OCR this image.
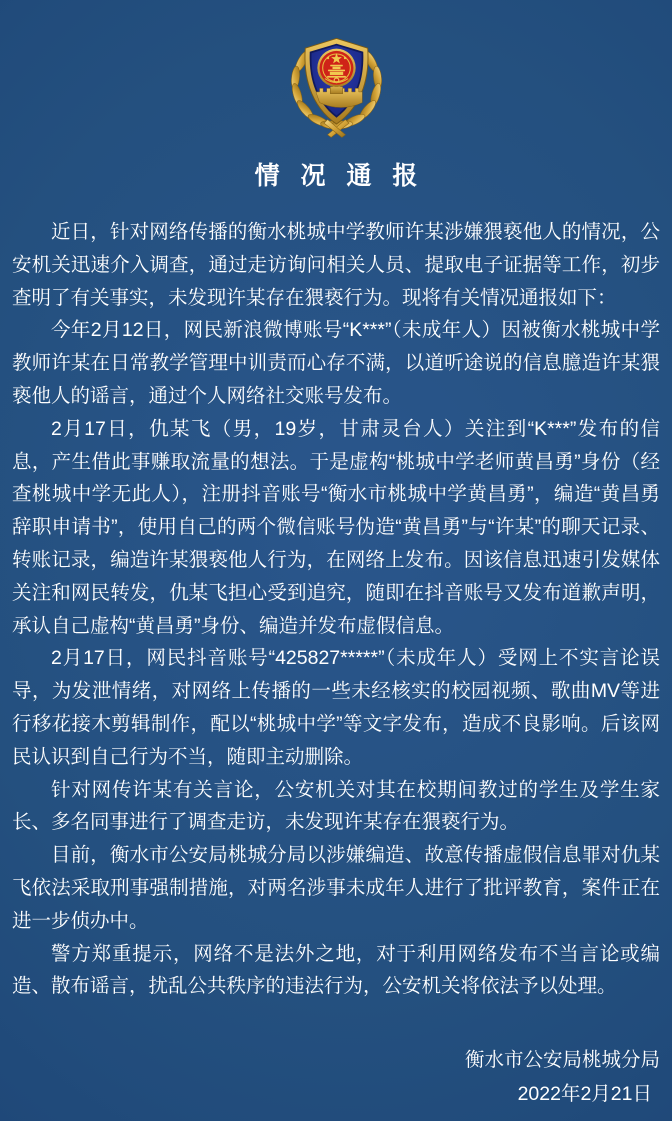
情 况 通 报

近日，针对网络传播的衡水桃城中学教师许某涉嫌猥亵他人的情况，公安机关迅速介入调查，通过走访询问相关人员、提取电子证据等工作，初步查明了有关事实，未发现许某存在猥亵行为。现将有关情况通报如下：

今年2月12日，网民新浪微博账号“K***”（未成年人）因被衡水桃城中学教师许某在日常教学管理中训责而心存不满，以道听途说的信息臆造许某猥亵他人的谣言，通过个人网络社交账号发布。

2月17日，仇某飞（男，19岁，甘肃灵台人）关注到“K***”发布的信息，产生借此事赚取流量的想法。于是虚构“桃城中学老师黄昌勇”身份（经查桃城中学无此人），注册抖音账号“衡水市桃城中学黄昌勇”，编造“黄昌勇辞职申请书”，使用自己的两个微信账号伪造“黄昌勇”与“许某”的聊天记录、转账记录，编造许某猥亵他人行为，在网络上发布。因该信息迅速引发媒体关注和网民转发，仇某飞担心受到追究，随即在抖音账号又发布道歉声明，承认自己虚构“黄昌勇”身份、编造并发布虚假信息。

2月17日，网民抖音账号“425827*****”（未成年人）受网上不实言论误导，为发泄情绪，对网络上传播的一些未经核实的校园视频、歌曲MV等进行移花接木剪辑制作，配以“桃城中学”等文字发布，造成不良影响。后该网民认识到自己行为不当，随即主动删除。

针对网传许某有关言论，公安机关对其在校期间教过的学生及学生家长、多名同事进行了调查走访，未发现许某存在猥亵行为。

目前，衡水市公安局桃城分局以涉嫌编造、故意传播虚假信息罪对仇某飞依法采取刑事强制措施，对两名涉事未成年人进行了批评教育，案件正在进一步侦办中。

警方郑重提示，网络不是法外之地，对于利用网络发布不当言论或编造、散布谣言，扰乱公共秩序的违法行为，公安机关将依法予以处理。

衡水市公安局桃城分局
2022年2月21日
